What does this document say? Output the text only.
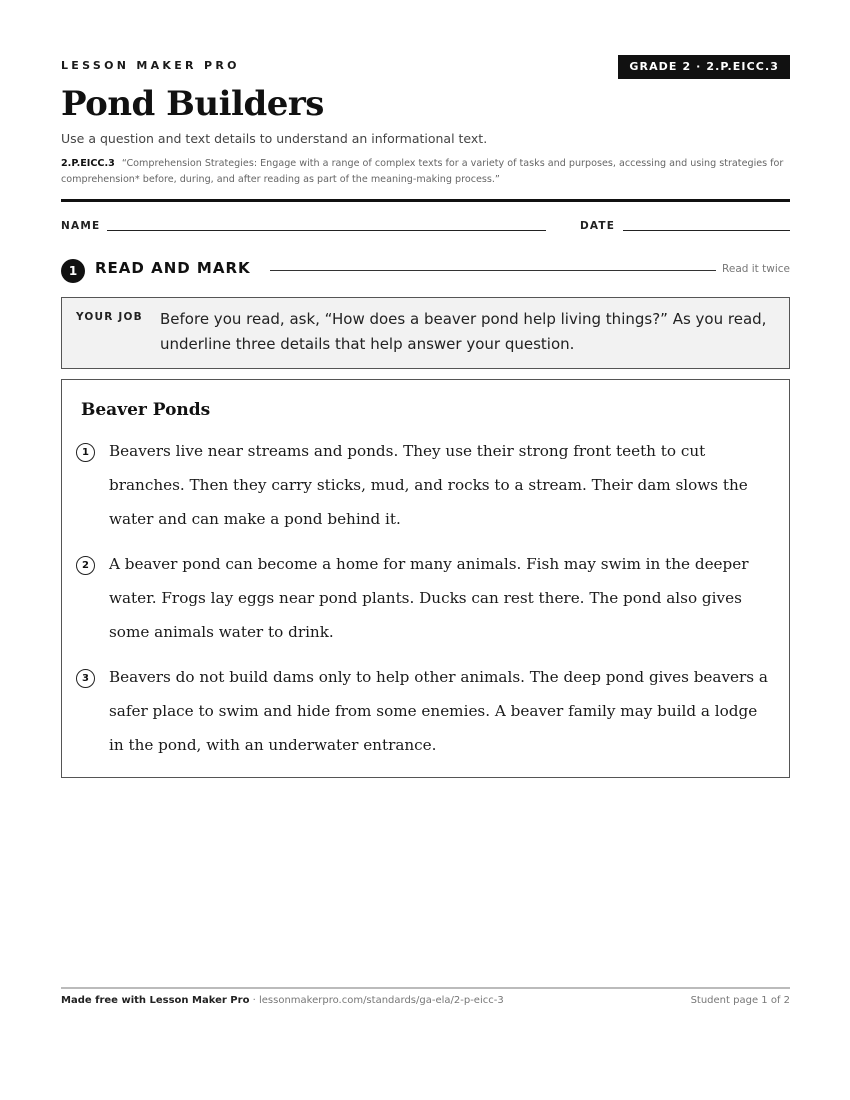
LESSON MAKER PRO	GRADE 2 · 2.P.EICC.3
Pond Builders
Use a question and text details to understand an informational text.
2.P.EICC.3 “Comprehension Strategies: Engage with a range of complex texts for a variety of tasks and purposes, accessing and using strategies for comprehension* before, during, and after reading as part of the meaning-making process.”
NAME	DATE
1	READ AND MARK	Read it twice
YOUR JOB Before you read, ask, “How does a beaver pond help living things?” As you read, underline three details that help answer your question.
Beaver Ponds
1	Beavers live near streams and ponds. They use their strong front teeth to cut branches. Then they carry sticks, mud, and rocks to a stream. Their dam slows the water and can make a pond behind it.
2	A beaver pond can become a home for many animals. Fish may swim in the deeper water. Frogs lay eggs near pond plants. Ducks can rest there. The pond also gives some animals water to drink.
3	Beavers do not build dams only to help other animals. The deep pond gives beavers a safer place to swim and hide from some enemies. A beaver family may build a lodge in the pond, with an underwater entrance.
Made free with Lesson Maker Pro · lessonmakerpro.com/standards/ga-ela/2-p-eicc-3	Student page 1 of 2
